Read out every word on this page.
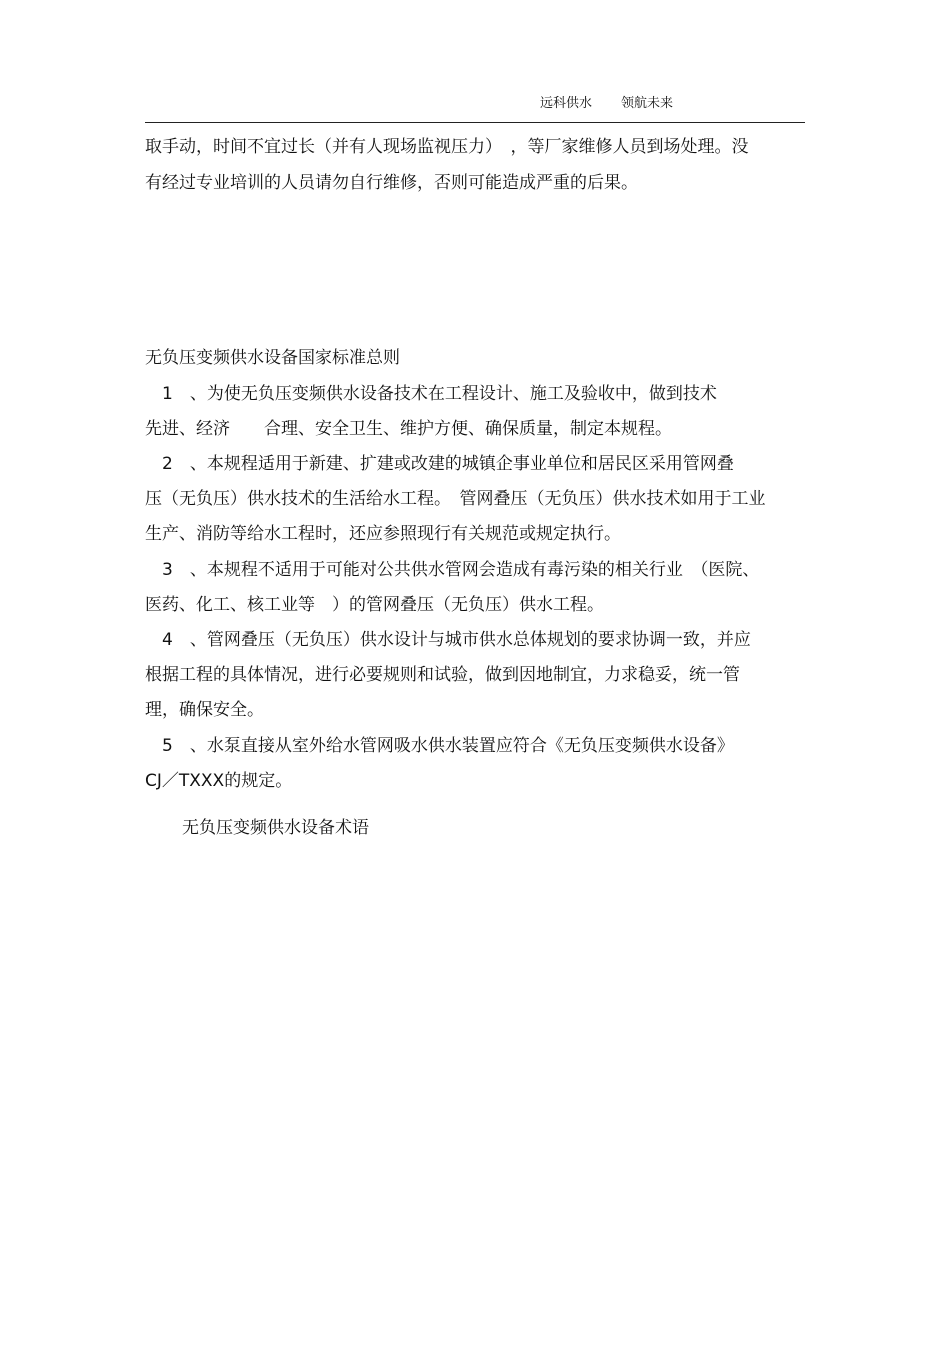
远科供水 领航未来
取手动，时间不宜过长（并有人现场监视压力）　，等厂家维修人员到场处理。没
有经过专业培训的人员请勿自行维修，否则可能造成严重的后果。
无负压变频供水设备国家标准总则
　1　、为使无负压变频供水设备技术在工程设计、施工及验收中，做到技术
先进、经济　　合理、安全卫生、维护方便、确保质量，制定本规程。
　2　、本规程适用于新建、扩建或改建的城镇企事业单位和居民区采用管网叠
压（无负压）供水技术的生活给水工程。　管网叠压（无负压）供水技术如用于工业
生产、消防等给水工程时，还应参照现行有关规范或规定执行。
　3　、本规程不适用于可能对公共供水管网会造成有毒污染的相关行业　（医院、
医药、化工、核工业等　）的管网叠压（无负压）供水工程。
　4　、管网叠压（无负压）供水设计与城市供水总体规划的要求协调一致，并应
根据工程的具体情况，进行必要规则和试验，做到因地制宜，力求稳妥，统一管
理，确保安全。
　5　、水泵直接从室外给水管网吸水供水装置应符合《无负压变频供水设备》
CJ／TXXX的规定。
无负压变频供水设备术语
